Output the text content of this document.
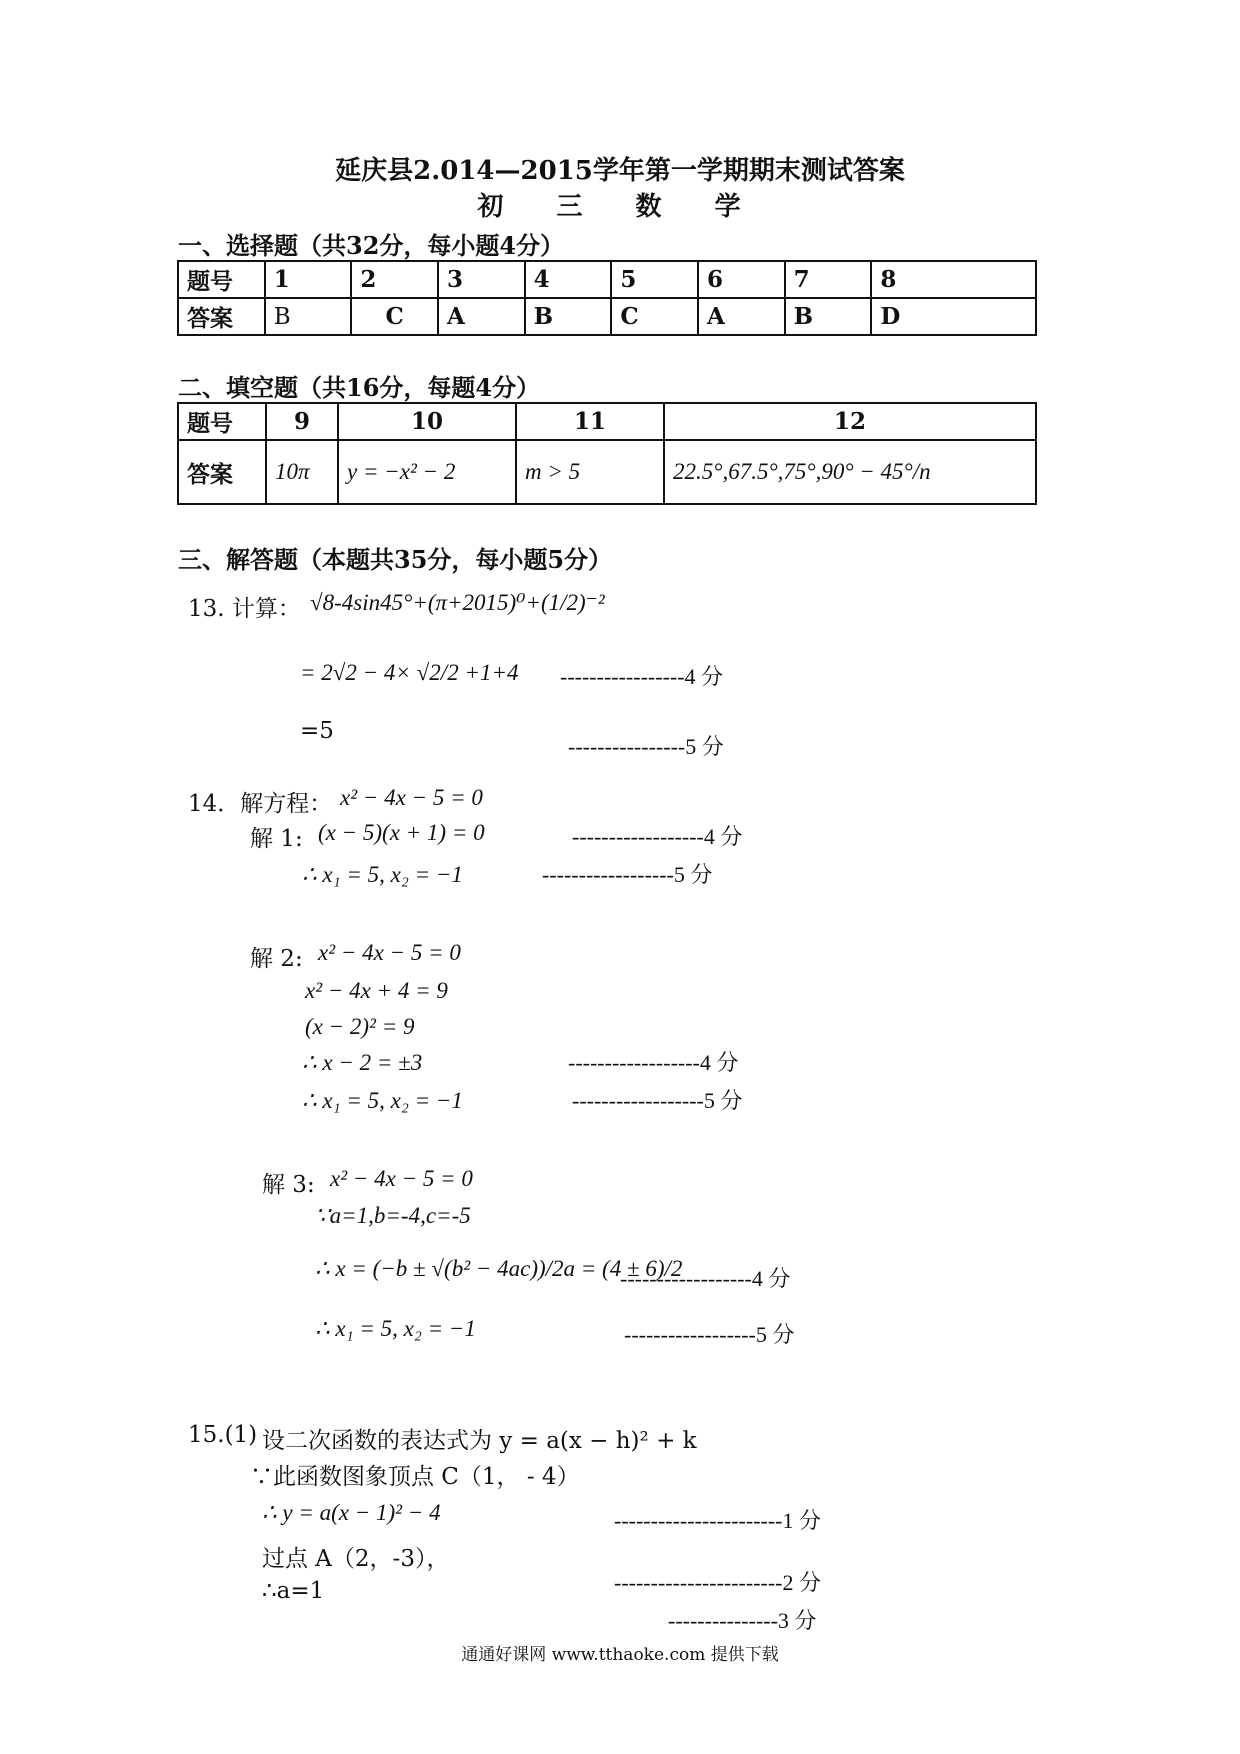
延庆县2.014—2015学年第一学期期末测试答案
初 三 数 学
一、选择题（共32分，每小题4分）
题号	1	2	3	4	5	6	7	8
答案	B	C	A	B	C	A	B	D
二、填空题（共16分，每题4分）
题号	9	10	11	12
答案	10π	y = −x² − 2	m > 5	22.5°,67.5°,75°,90° − 45°/n
三、解答题（本题共35分，每小题5分）
13. 计算： √8-4sin45°+(π+2015)⁰+(1/2)⁻²
= 2√2 − 4× √2/2 +1+4 -----------------4 分
=5
----------------5 分
14．解方程： x² − 4x − 5 = 0
解 1: (x − 5)(x + 1) = 0	------------------4 分
∴ x₁ = 5, x₂ = −1	------------------5 分
解 2: x² − 4x − 5 = 0
x² − 4x + 4 = 9
(x − 2)² = 9
∴ x − 2 = ±3	------------------4 分
∴ x₁ = 5, x₂ = −1	------------------5 分
解 3: x² − 4x − 5 = 0
∵a=1,b=-4,c=-5
∴ x = (−b ± √(b² − 4ac))/2a = (4 ± 6)/2
------------------4 分
∴ x₁ = 5, x₂ = −1	------------------5 分
15.(1) 设二次函数的表达式为 y = a(x − h)² + k
∵此函数图象顶点 C（1， - 4）
∴ y = a(x − 1)² − 4	-----------------------1 分
过点 A（2，-3），
∴a=1	-----------------------2 分
---------------3 分
通通好课网 www.tthaoke.com 提供下载
